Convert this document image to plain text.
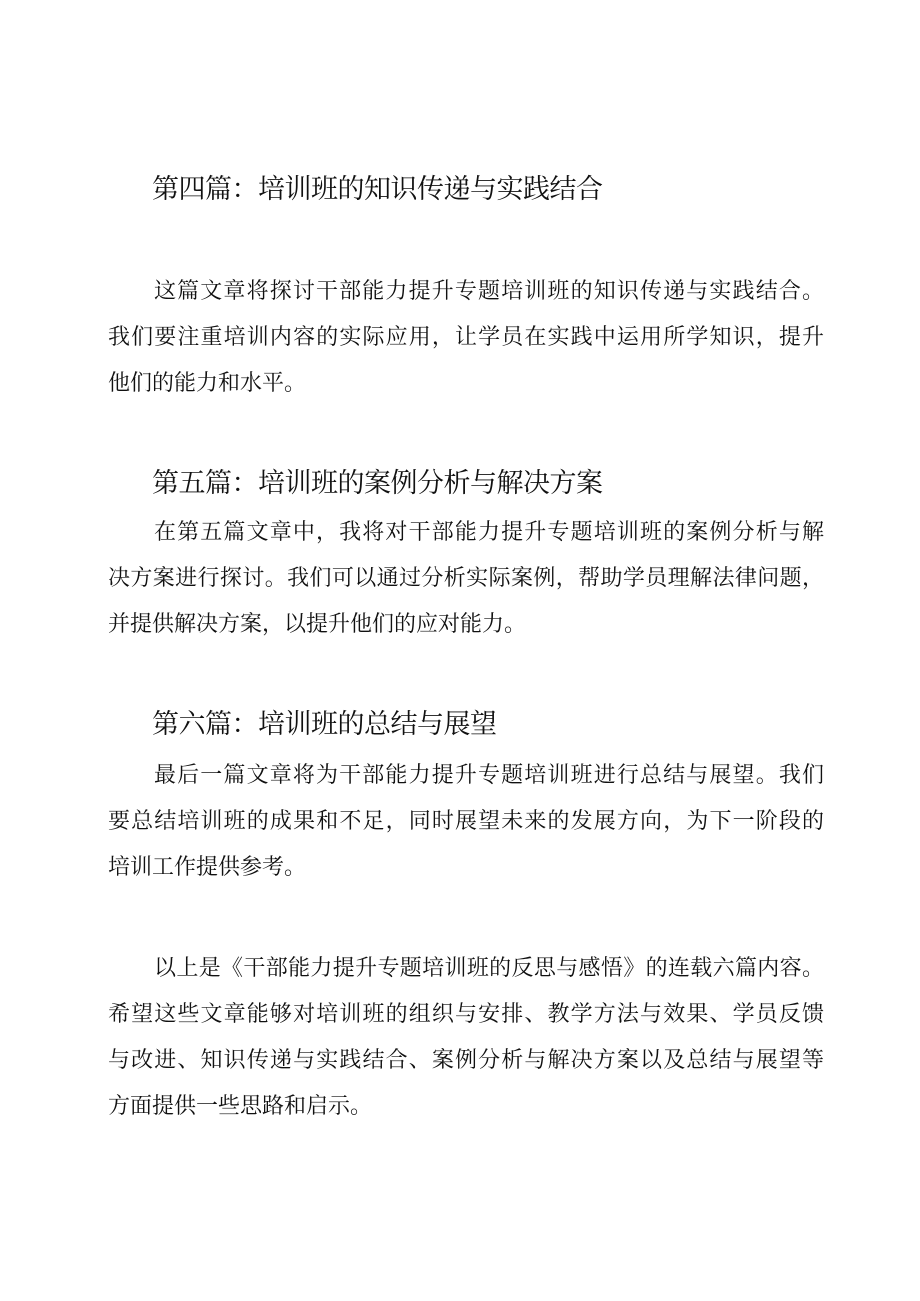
第四篇：培训班的知识传递与实践结合
这篇文章将探讨干部能力提升专题培训班的知识传递与实践结合。
我们要注重培训内容的实际应用，让学员在实践中运用所学知识，提升
他们的能力和水平。
第五篇：培训班的案例分析与解决方案
在第五篇文章中，我将对干部能力提升专题培训班的案例分析与解
决方案进行探讨。我们可以通过分析实际案例，帮助学员理解法律问题，
并提供解决方案，以提升他们的应对能力。
第六篇：培训班的总结与展望
最后一篇文章将为干部能力提升专题培训班进行总结与展望。我们
要总结培训班的成果和不足，同时展望未来的发展方向，为下一阶段的
培训工作提供参考。
以上是《干部能力提升专题培训班的反思与感悟》的连载六篇内容。
希望这些文章能够对培训班的组织与安排、教学方法与效果、学员反馈
与改进、知识传递与实践结合、案例分析与解决方案以及总结与展望等
方面提供一些思路和启示。
